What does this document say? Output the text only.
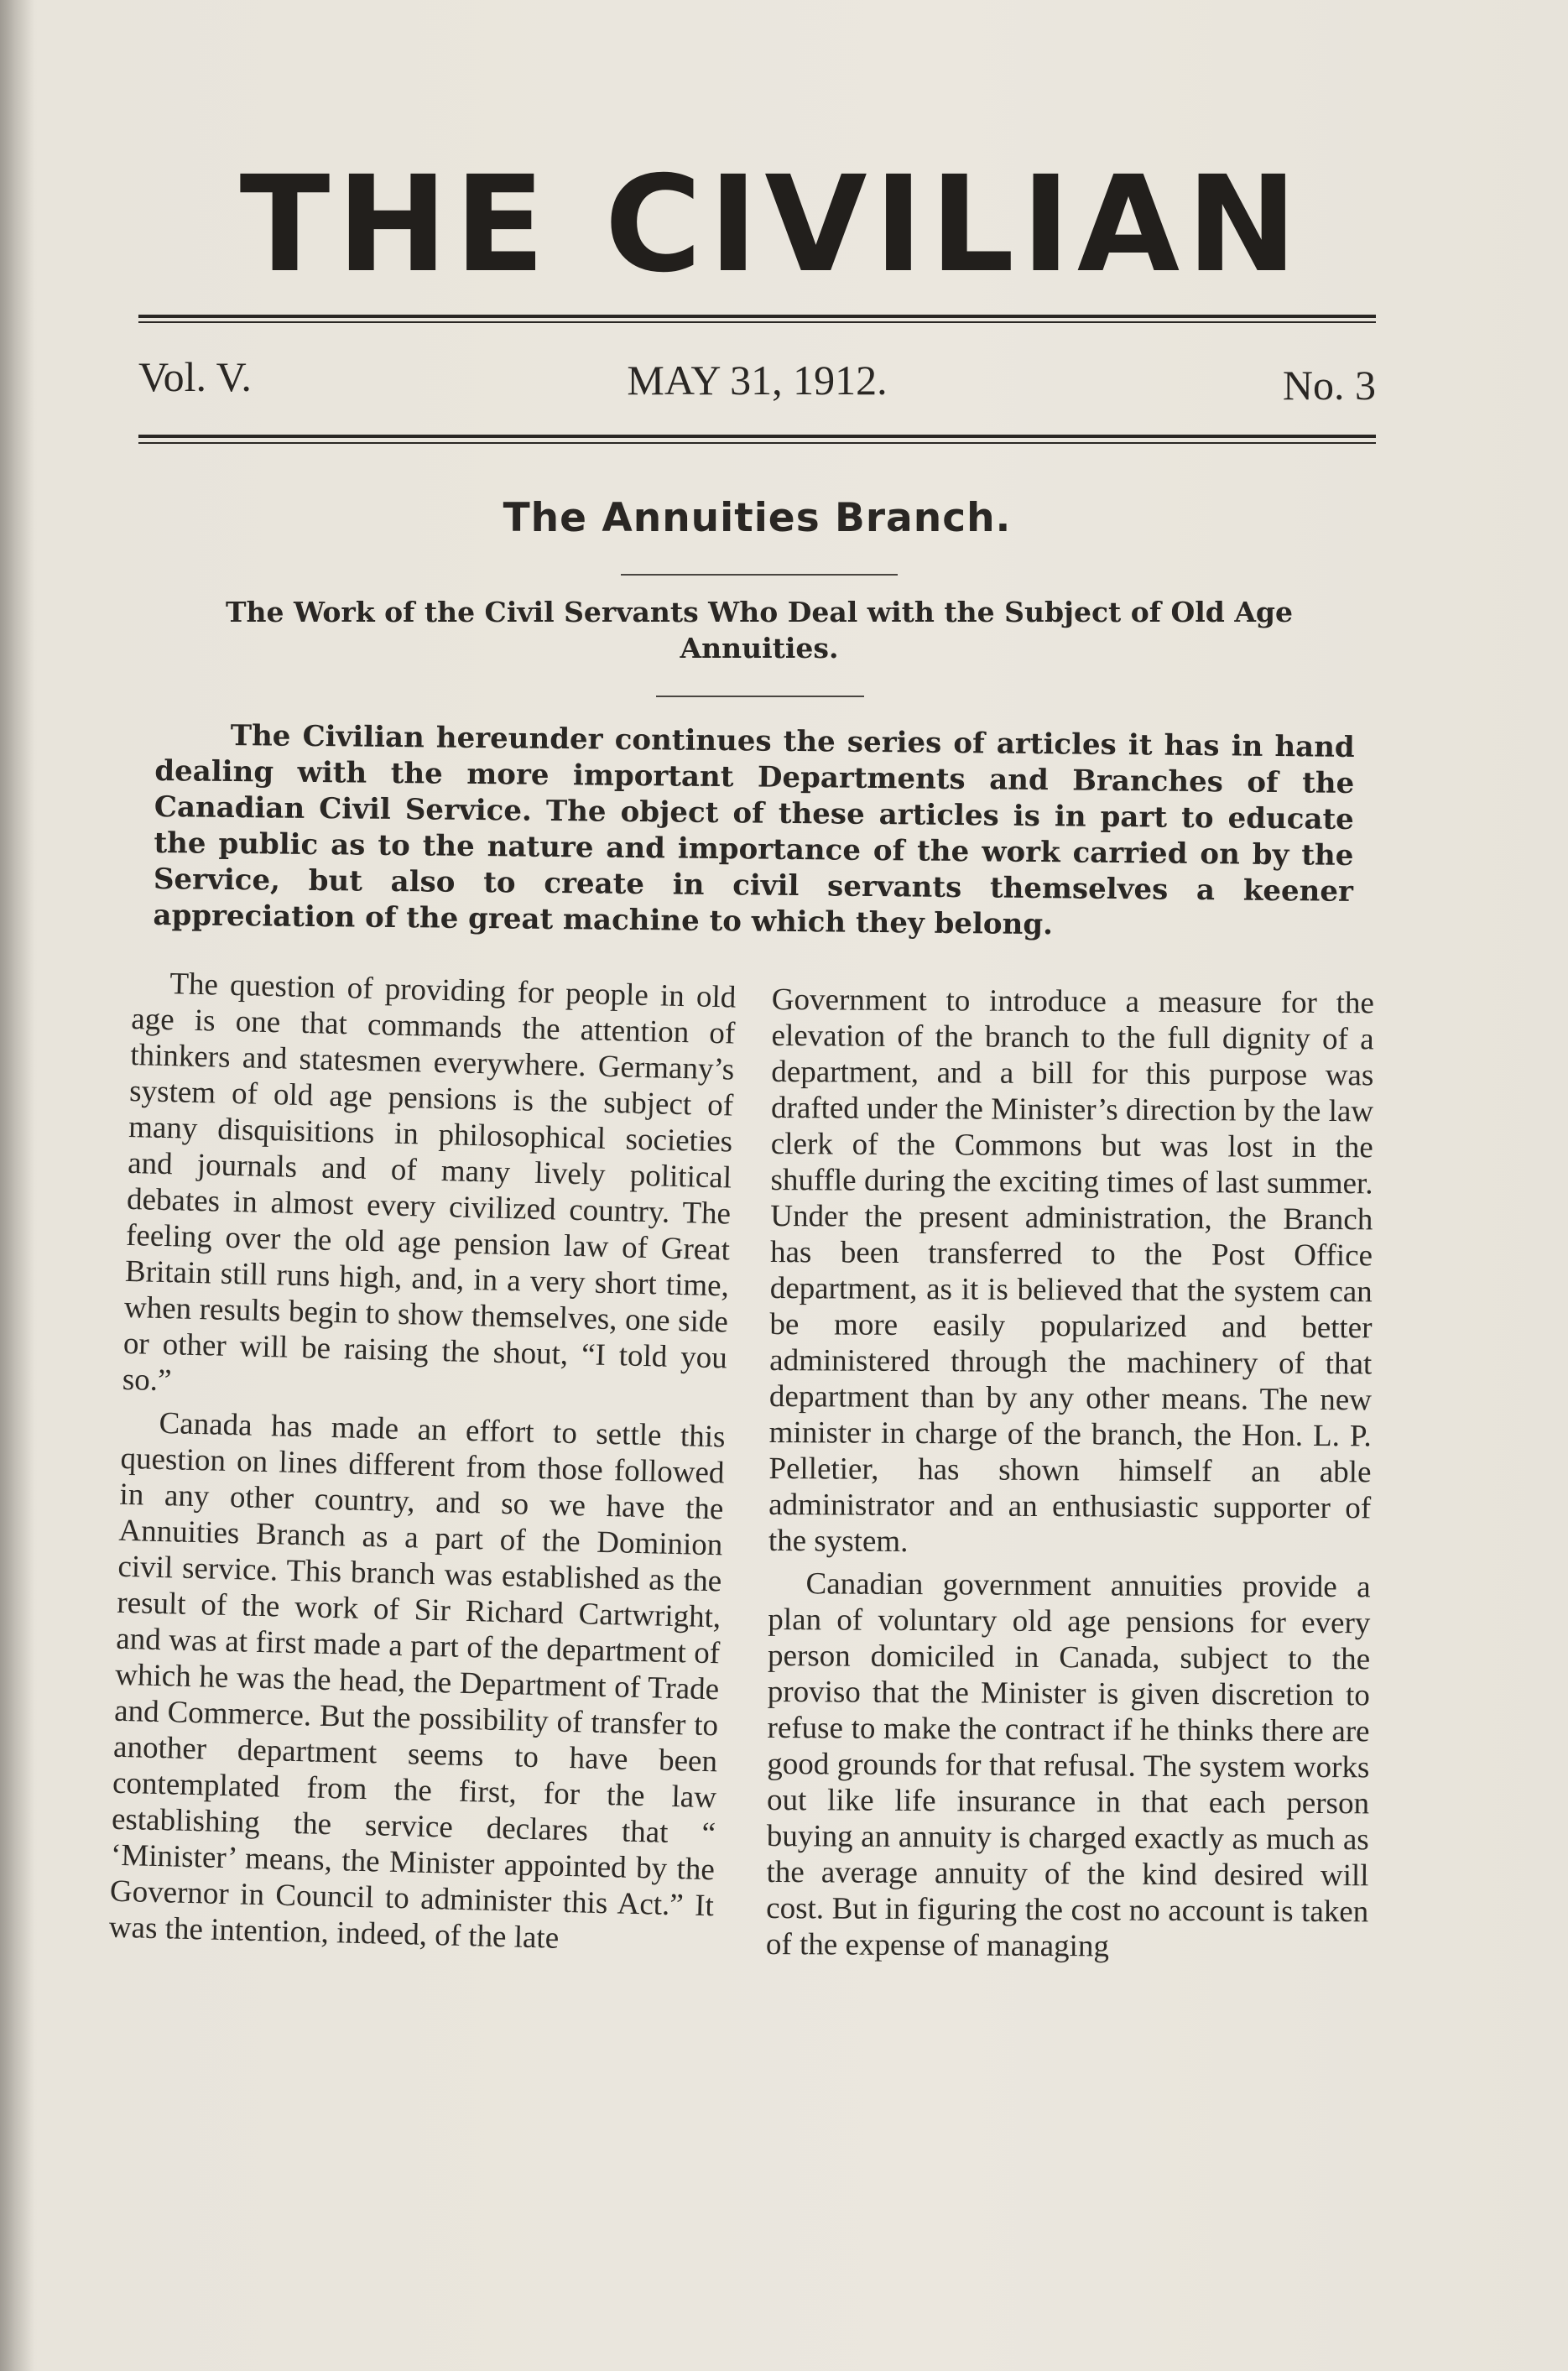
THE CIVILIAN
Vol. V.	MAY 31, 1912.	No. 3
The Annuities Branch.
The Work of the Civil Servants Who Deal with the Subject of Old Age Annuities.
The Civilian hereunder continues the series of articles it has in hand dealing with the more important Departments and Branches of the Canadian Civil Service. The object of these articles is in part to educate the public as to the nature and importance of the work carried on by the Service, but also to create in civil servants themselves a keener appreciation of the great machine to which they belong.

The question of providing for people in old age is one that commands the attention of thinkers and statesmen everywhere. Germany’s system of old age pensions is the subject of many disquisitions in philosophical societies and journals and of many lively political debates in almost every civilized country. The feeling over the old age pension law of Great Britain still runs high, and, in a very short time, when results begin to show themselves, one side or other will be raising the shout, “I told you so.”

Canada has made an effort to settle this question on lines different from those followed in any other country, and so we have the Annuities Branch as a part of the Dominion civil service. This branch was established as the result of the work of Sir Richard Cartwright, and was at first made a part of the department of which he was the head, the Department of Trade and Commerce. But the possibility of transfer to another department seems to have been contemplated from the first, for the law establishing the service declares that “ ‘Minister’ means, the Minister appointed by the Governor in Council to administer this Act.” It was the intention, indeed, of the late

Government to introduce a measure for the elevation of the branch to the full dignity of a department, and a bill for this purpose was drafted under the Minister’s direction by the law clerk of the Commons but was lost in the shuffle during the exciting times of last summer. Under the present administration, the Branch has been transferred to the Post Office department, as it is believed that the system can be more easily popularized and better administered through the machinery of that department than by any other means. The new minister in charge of the branch, the Hon. L. P. Pelletier, has shown himself an able administrator and an enthusiastic supporter of the system.

Canadian government annuities provide a plan of voluntary old age pensions for every person domiciled in Canada, subject to the proviso that the Minister is given discretion to refuse to make the contract if he thinks there are good grounds for that refusal. The system works out like life insurance in that each person buying an annuity is charged exactly as much as the average annuity of the kind desired will cost. But in figuring the cost no account is taken of the expense of managing
